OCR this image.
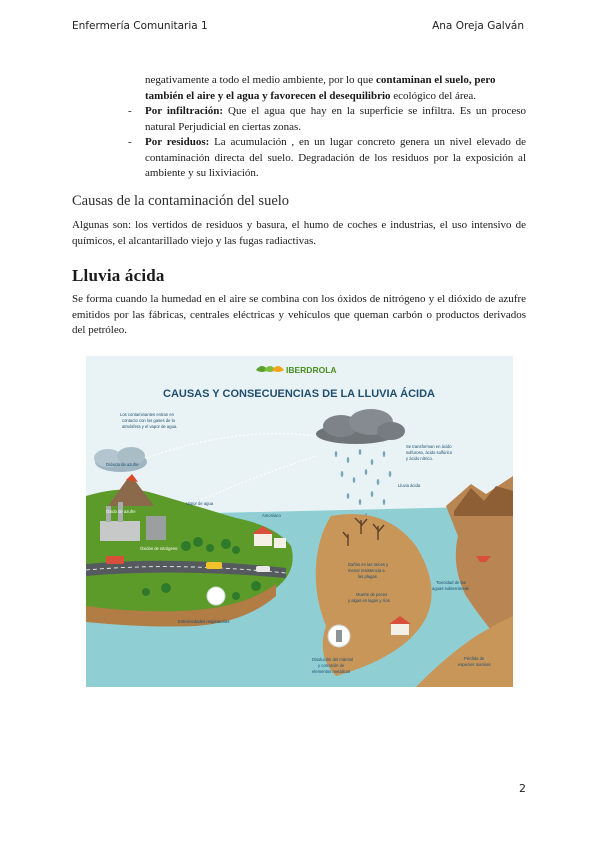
Enfermería Comunitaria 1	Ana Oreja Galván
negativamente a todo el medio ambiente, por lo que contaminan el suelo, pero también el aire y el agua y favorecen el desequilibrio ecológico del área.
- Por infiltración: Que el agua que hay en la superficie se infiltra. Es un proceso natural Perjudicial en ciertas zonas.
- Por residuos: La acumulación , en un lugar concreto genera un nivel elevado de contaminación directa del suelo. Degradación de los residuos por la exposición al ambiente y su lixiviación.
Causas de la contaminación del suelo
Algunas son: los vertidos de residuos y basura, el humo de coches e industrias, el uso intensivo de químicos, el alcantarillado viejo y las fugas radiactivas.
Lluvia ácida
Se forma cuando la humedad en el aire se combina con los óxidos de nitrógeno y el dióxido de azufre emitidos por las fábricas, centrales eléctricas y vehículos que queman carbón o productos derivados del petróleo.
IBERDROLA
CAUSAS Y CONSECUENCIAS DE LA LLUVIA ÁCIDA
Los contaminantes entran en
contacto con los gases de la
atmósfera y el vapor de agua.
Dióxido de azufre
Se transforman en ácido
sulfuroso, ácido sulfúrico
y ácido nítrico.
Lluvia ácida
Óxido de azufre
Vapor de agua
Amoníaco
Óxidos de nitrógeno
Daños en las raíces y
menor resistencia a
las plagas
Muerte de peces
y algas en lagos y ríos
Toxicidad de las
aguas subterráneas
Enfermedades respiratorias
Disolución del mármol
y corrosión de
elementos metálicos
Pérdida de
especies marinas
2
